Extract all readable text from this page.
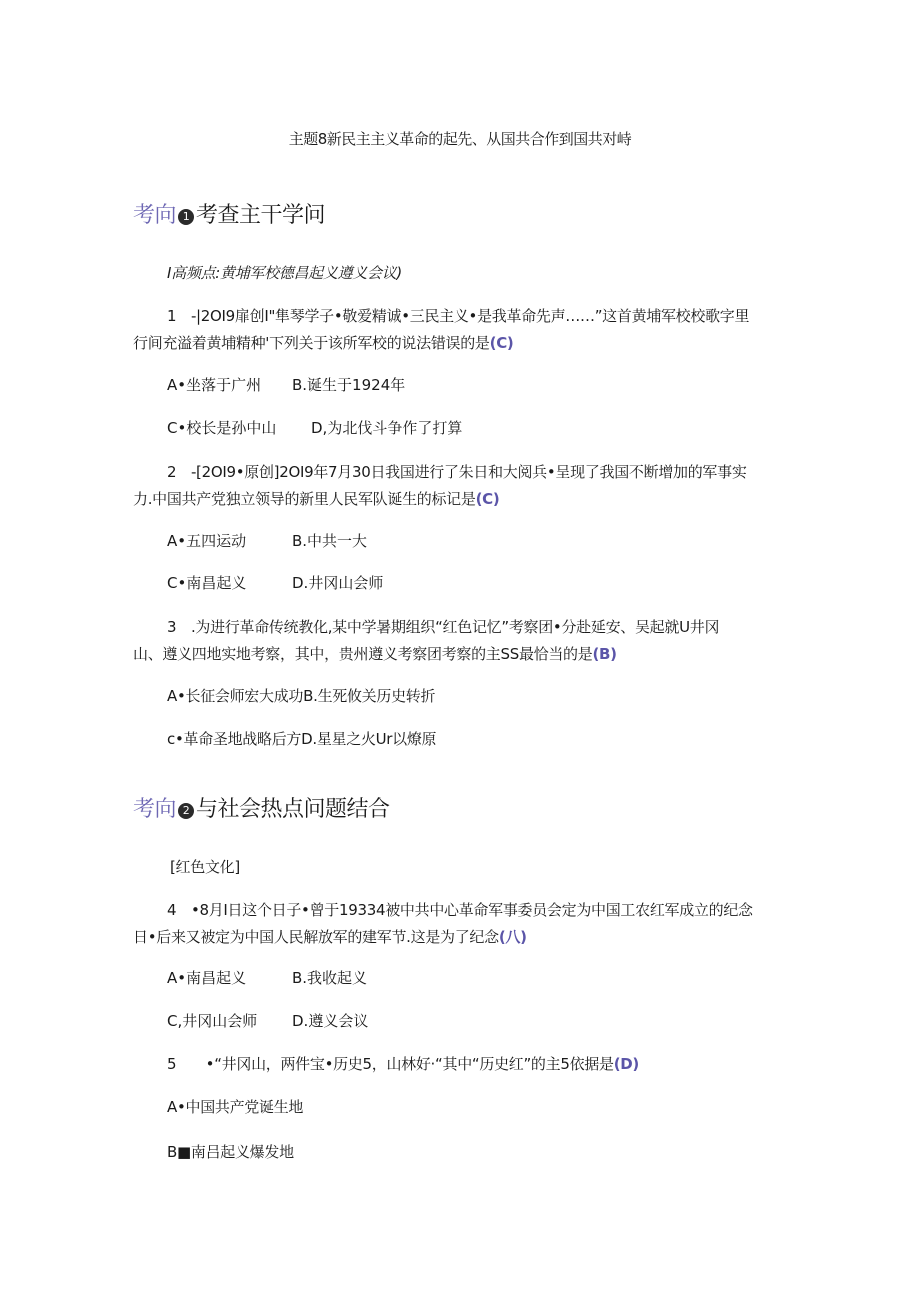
主题8新民主主义革命的起先、从国共合作到国共对峙
考向 1 考查主干学问
I高频点:黄埔军校德昌起义遵义会议)
1　-|2OI9扉创I"隼琴学子•敬爱精诚•三民主义•是我革命先声……”这首黄埔军校校歌字里
行间充溢着黄埔精种'下列关于该所军校的说法错误的是(C)
A•坐落于广州 B.诞生于1924年
C•校长是孙中山 D,为北伐斗争作了打算
2　-[2OI9•原创]2OI9年7月30日我国进行了朱日和大阅兵•呈现了我国不断增加的军事实
力.中国共产党独立领导的新里人民军队诞生的标记是(C)
A•五四运动	B.中共一大
C•南昌起义	D.井冈山会师
3　.为进行革命传统教化,某中学暑期组织“红色记忆”考察团•分赴延安、吴起就U井冈
山、遵义四地实地考察，其中，贵州遵义考察团考察的主SS最恰当的是(B)
A•长征会师宏大成功B.生死攸关历史转折
c•革命圣地战略后方D.星星之火Ur以燎原
考向 2 与社会热点问题结合
[红色文化]
4　•8月I日这个日子•曾于19334被中共中心革命军事委员会定为中国工农红军成立的纪念
日•后来又被定为中国人民解放军的建军节.这是为了纪念(八)
A•南昌起义	B.我收起义
C,井冈山会师 D.遵义会议
5　　•“井冈山，两件宝•历史5，山林好·“其中“历史红”的主5依据是(D)
A•中国共产党诞生地
B■南吕起义爆发地
